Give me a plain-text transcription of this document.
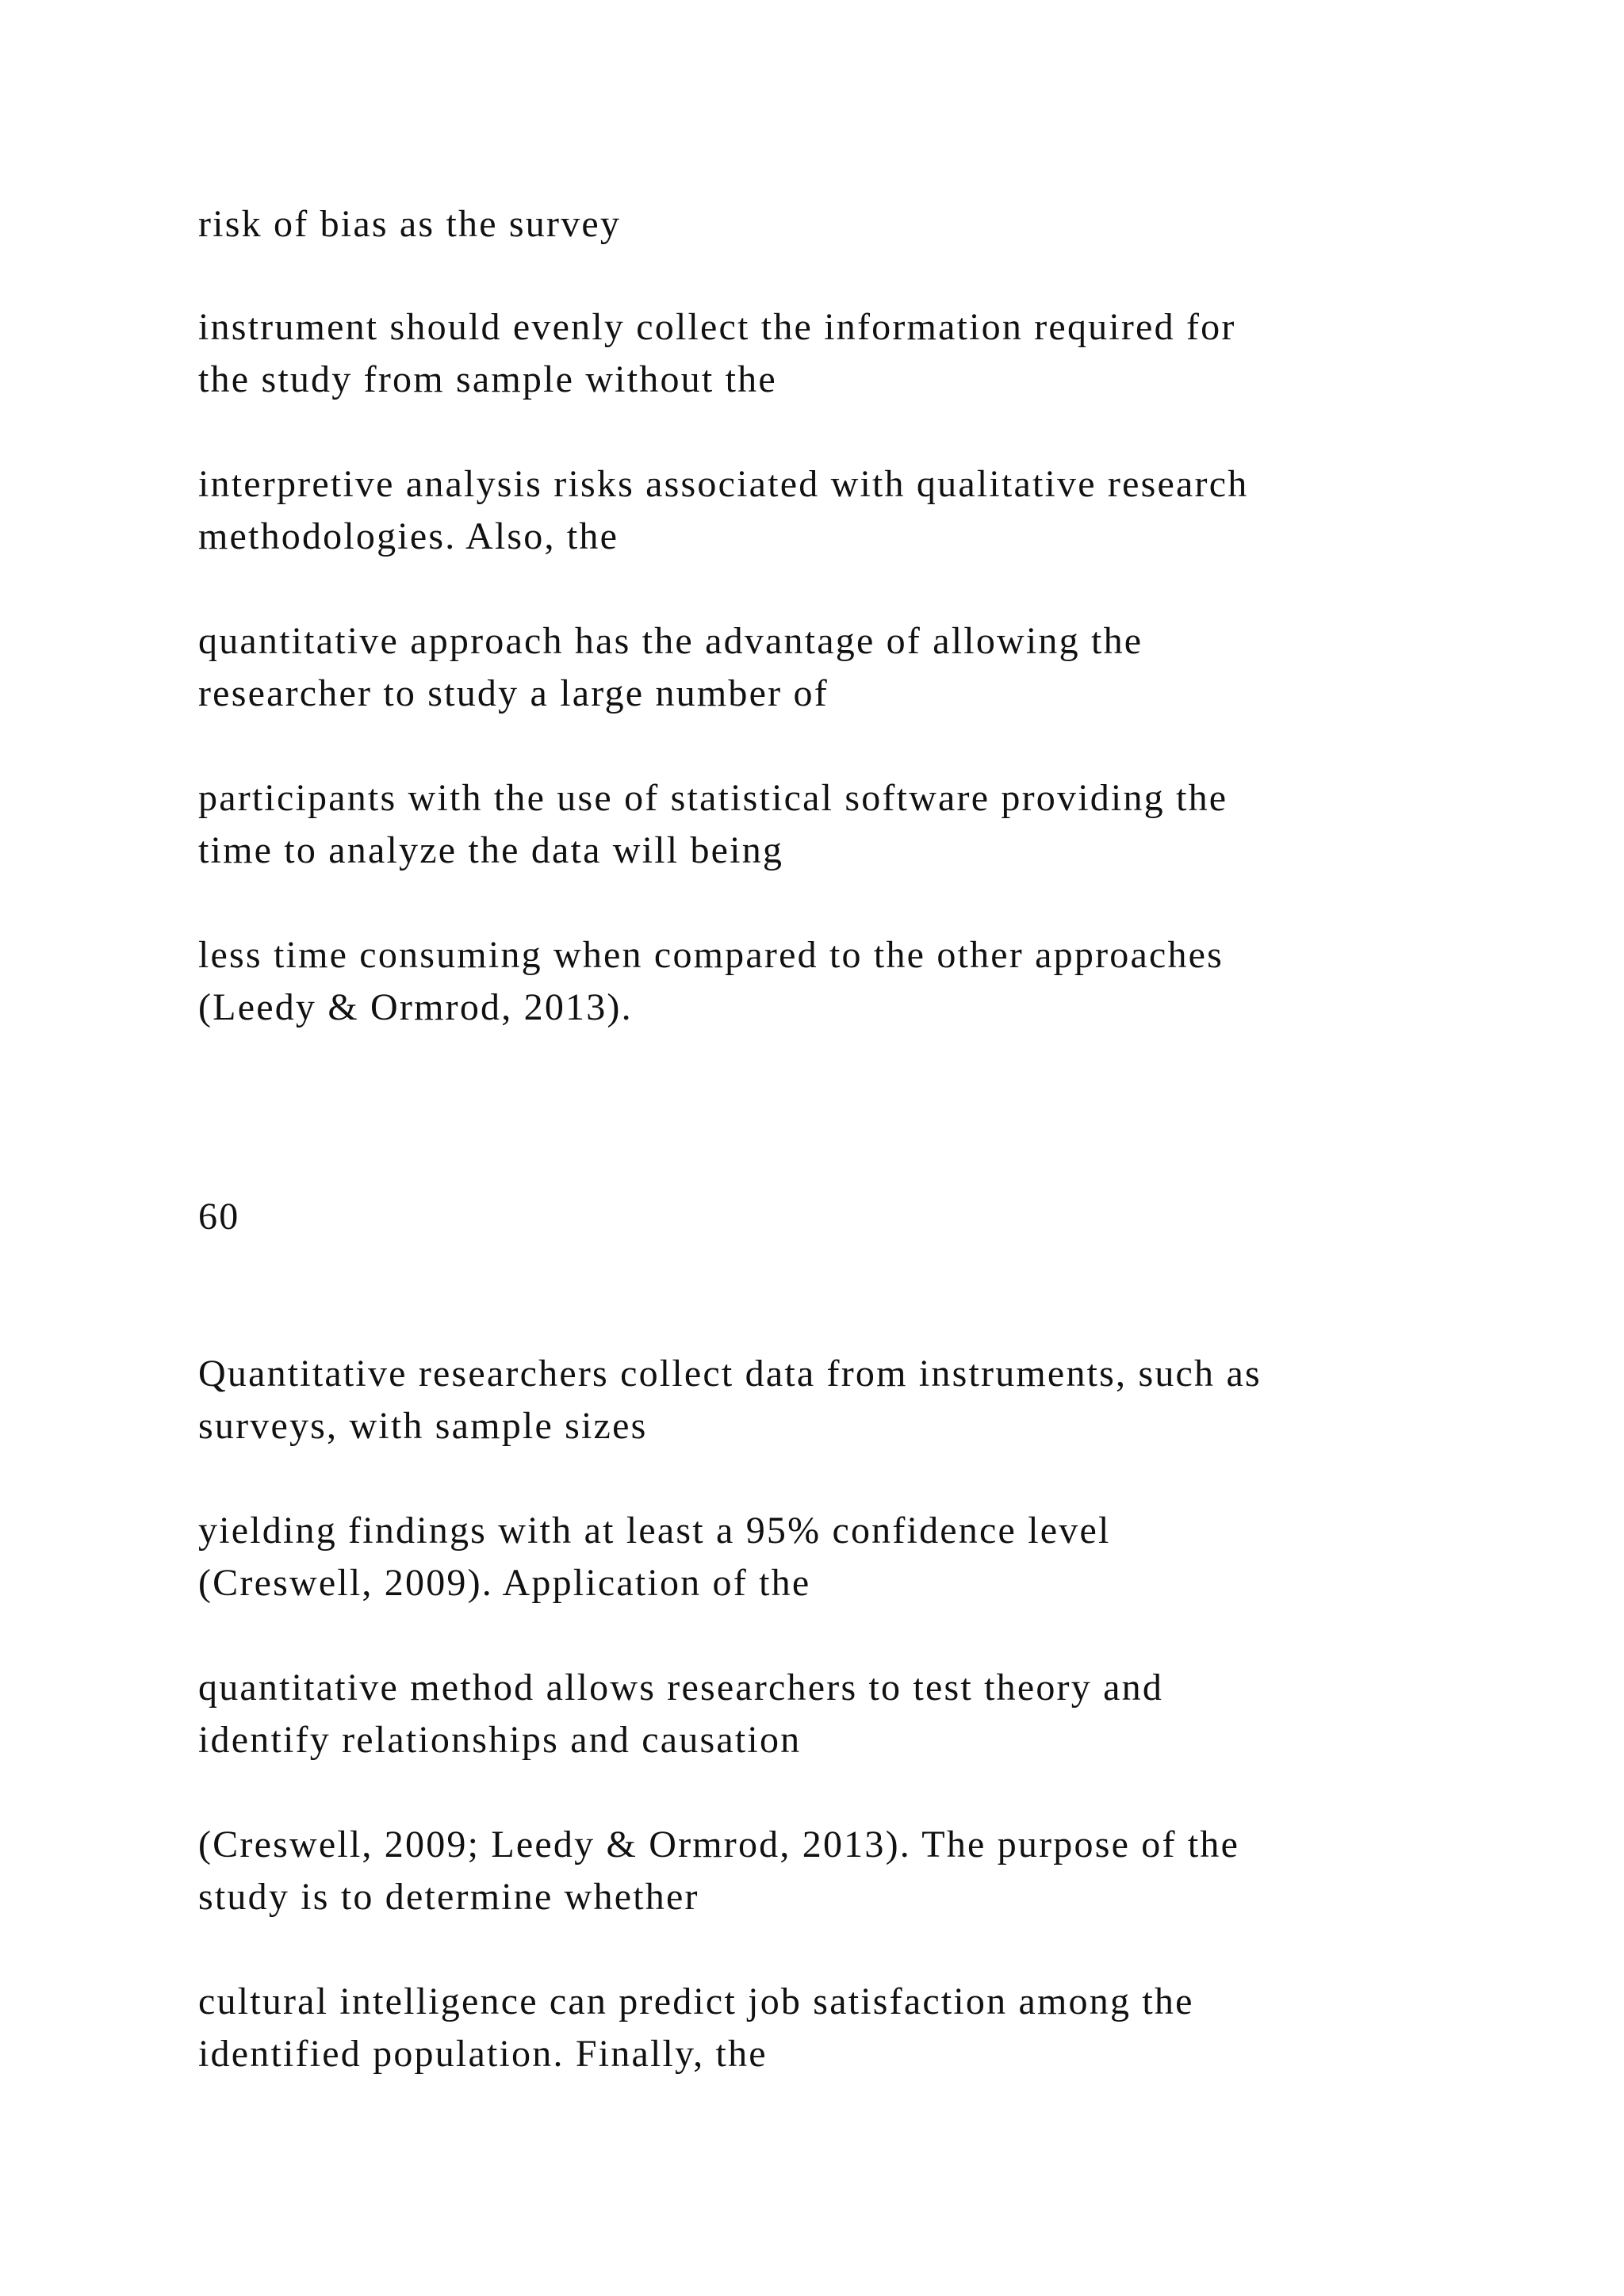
risk of bias as the survey

instrument should evenly collect the information required for
the study from sample without the

interpretive analysis risks associated with qualitative research
methodologies. Also, the

quantitative approach has the advantage of allowing the
researcher to study a large number of

participants with the use of statistical software providing the
time to analyze the data will being

less time consuming when compared to the other approaches
(Leedy & Ormrod, 2013).

60

Quantitative researchers collect data from instruments, such as
surveys, with sample sizes

yielding findings with at least a 95% confidence level
(Creswell, 2009). Application of the

quantitative method allows researchers to test theory and
identify relationships and causation

(Creswell, 2009; Leedy & Ormrod, 2013). The purpose of the
study is to determine whether

cultural intelligence can predict job satisfaction among the
identified population. Finally, the
